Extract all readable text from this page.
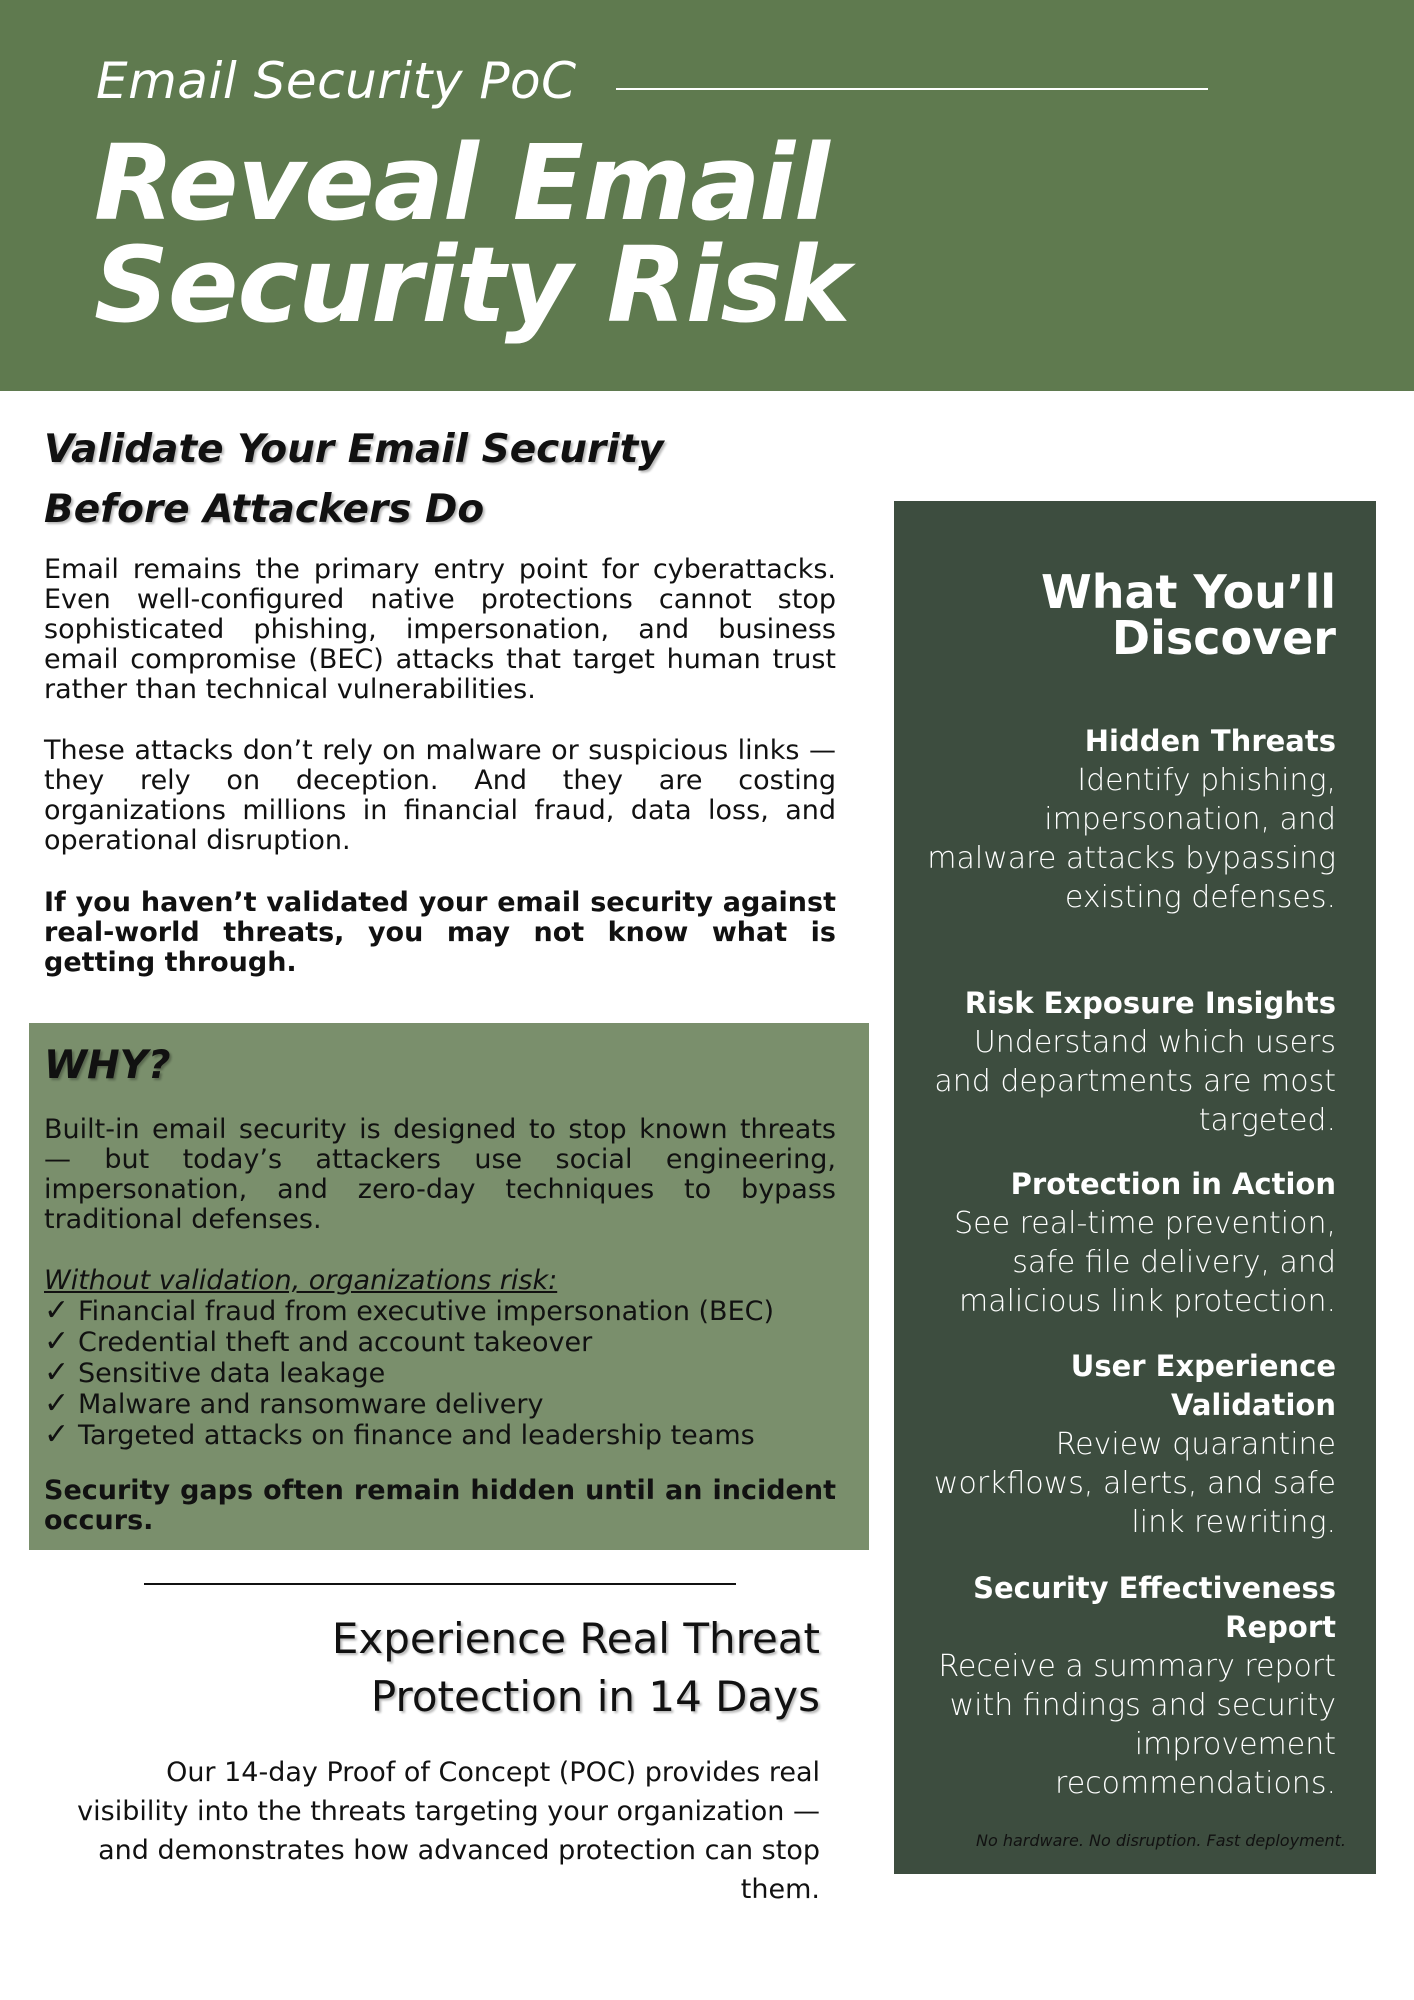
Email Security PoC
Reveal Email
Security Risk
Validate Your Email Security
Before Attackers Do
Email remains the primary entry point for cyberattacks. Even well-configured native protections cannot stop sophisticated phishing, impersonation, and business email compromise (BEC) attacks that target human trust rather than technical vulnerabilities.
These attacks don’t rely on malware or suspicious links — they rely on deception. And they are costing organizations millions in financial fraud, data loss, and operational disruption.
If you haven’t validated your email security against real-world threats, you may not know what is getting through.
WHY?
Built-in email security is designed to stop known threats — but today’s attackers use social engineering, impersonation, and zero-day techniques to bypass traditional defenses.
Without validation, organizations risk:
✓ Financial fraud from executive impersonation (BEC)
✓ Credential theft and account takeover
✓ Sensitive data leakage
✓ Malware and ransomware delivery
✓ Targeted attacks on finance and leadership teams
Security gaps often remain hidden until an incident occurs.
Experience Real Threat
Protection in 14 Days
Our 14-day Proof of Concept (POC) provides real visibility into the threats targeting your organization — and demonstrates how advanced protection can stop them.
What You’ll
Discover
Hidden Threats
Identify phishing, impersonation, and malware attacks bypassing existing defenses.
Risk Exposure Insights
Understand which users and departments are most targeted.
Protection in Action
See real-time prevention, safe file delivery, and malicious link protection.
User Experience Validation
Review quarantine workflows, alerts, and safe link rewriting.
Security Effectiveness Report
Receive a summary report with findings and security improvement recommendations.
No hardware. No disruption. Fast deployment.
